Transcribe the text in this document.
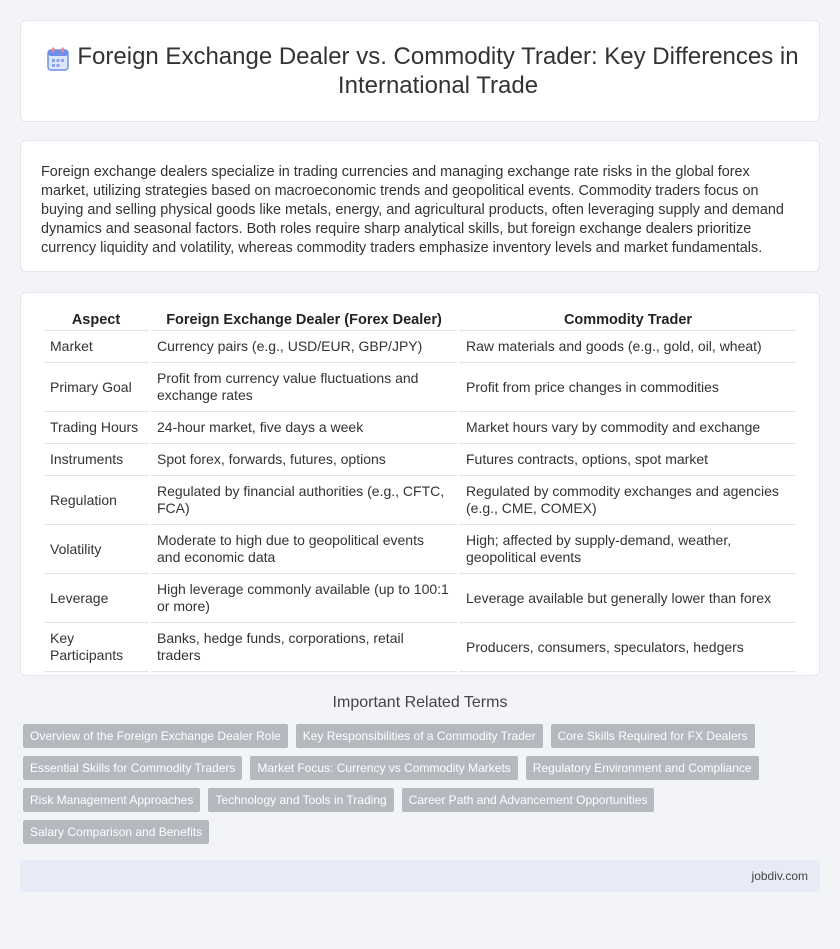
Foreign Exchange Dealer vs. Commodity Trader: Key Differences in International Trade

Foreign exchange dealers specialize in trading currencies and managing exchange rate risks in the global forex market, utilizing strategies based on macroeconomic trends and geopolitical events. Commodity traders focus on buying and selling physical goods like metals, energy, and agricultural products, often leveraging supply and demand dynamics and seasonal factors. Both roles require sharp analytical skills, but foreign exchange dealers prioritize currency liquidity and volatility, whereas commodity traders emphasize inventory levels and market fundamentals.

Aspect	Foreign Exchange Dealer (Forex Dealer)	Commodity Trader
Market	Currency pairs (e.g., USD/EUR, GBP/JPY)	Raw materials and goods (e.g., gold, oil, wheat)
Primary Goal	Profit from currency value fluctuations and exchange rates	Profit from price changes in commodities
Trading Hours	24-hour market, five days a week	Market hours vary by commodity and exchange
Instruments	Spot forex, forwards, futures, options	Futures contracts, options, spot market
Regulation	Regulated by financial authorities (e.g., CFTC, FCA)	Regulated by commodity exchanges and agencies (e.g., CME, COMEX)
Volatility	Moderate to high due to geopolitical events and economic data	High; affected by supply-demand, weather, geopolitical events
Leverage	High leverage commonly available (up to 100:1 or more)	Leverage available but generally lower than forex
Key Participants	Banks, hedge funds, corporations, retail traders	Producers, consumers, speculators, hedgers
Important Related Terms
Overview of the Foreign Exchange Dealer Role	Key Responsibilities of a Commodity Trader	Core Skills Required for FX Dealers
Essential Skills for Commodity Traders	Market Focus: Currency vs Commodity Markets	Regulatory Environment and Compliance
Risk Management Approaches	Technology and Tools in Trading	Career Path and Advancement Opportunities
Salary Comparison and Benefits
jobdiv.com
